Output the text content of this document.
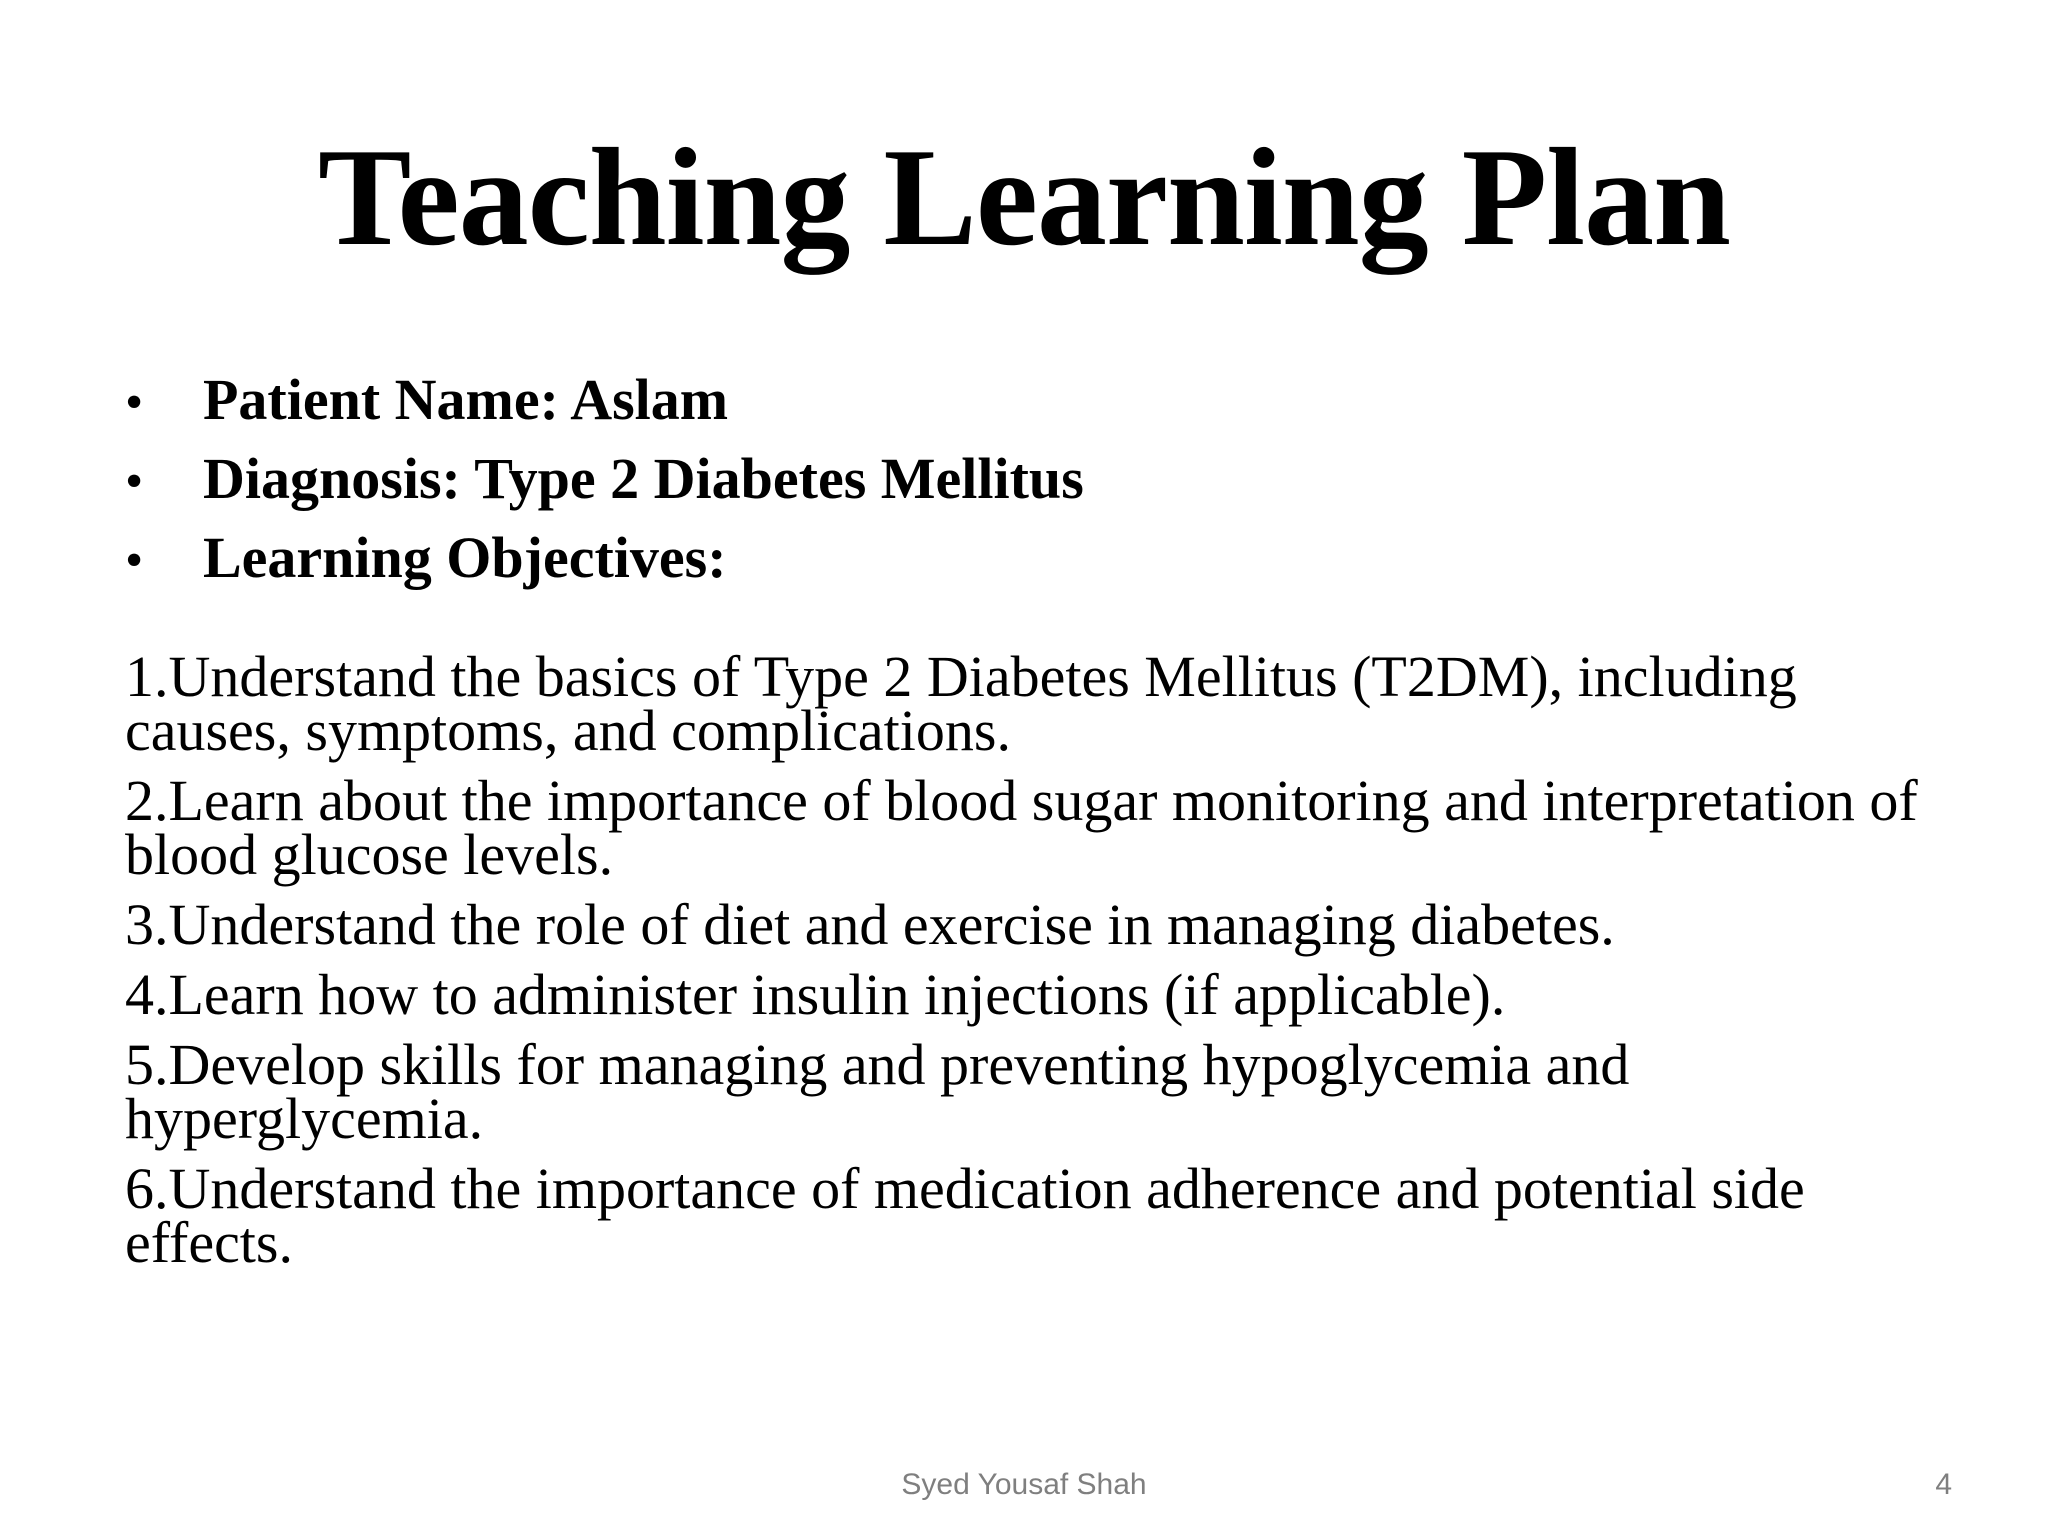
Teaching Learning Plan
•	Patient Name: Aslam
•	Diagnosis: Type 2 Diabetes Mellitus
•	Learning Objectives:
1.Understand the basics of Type 2 Diabetes Mellitus (T2DM), including causes, symptoms, and complications.
2.Learn about the importance of blood sugar monitoring and interpretation of blood glucose levels.
3.Understand the role of diet and exercise in managing diabetes.
4.Learn how to administer insulin injections (if applicable).
5.Develop skills for managing and preventing hypoglycemia and hyperglycemia.
6.Understand the importance of medication adherence and potential side effects.
Syed Yousaf Shah	4
